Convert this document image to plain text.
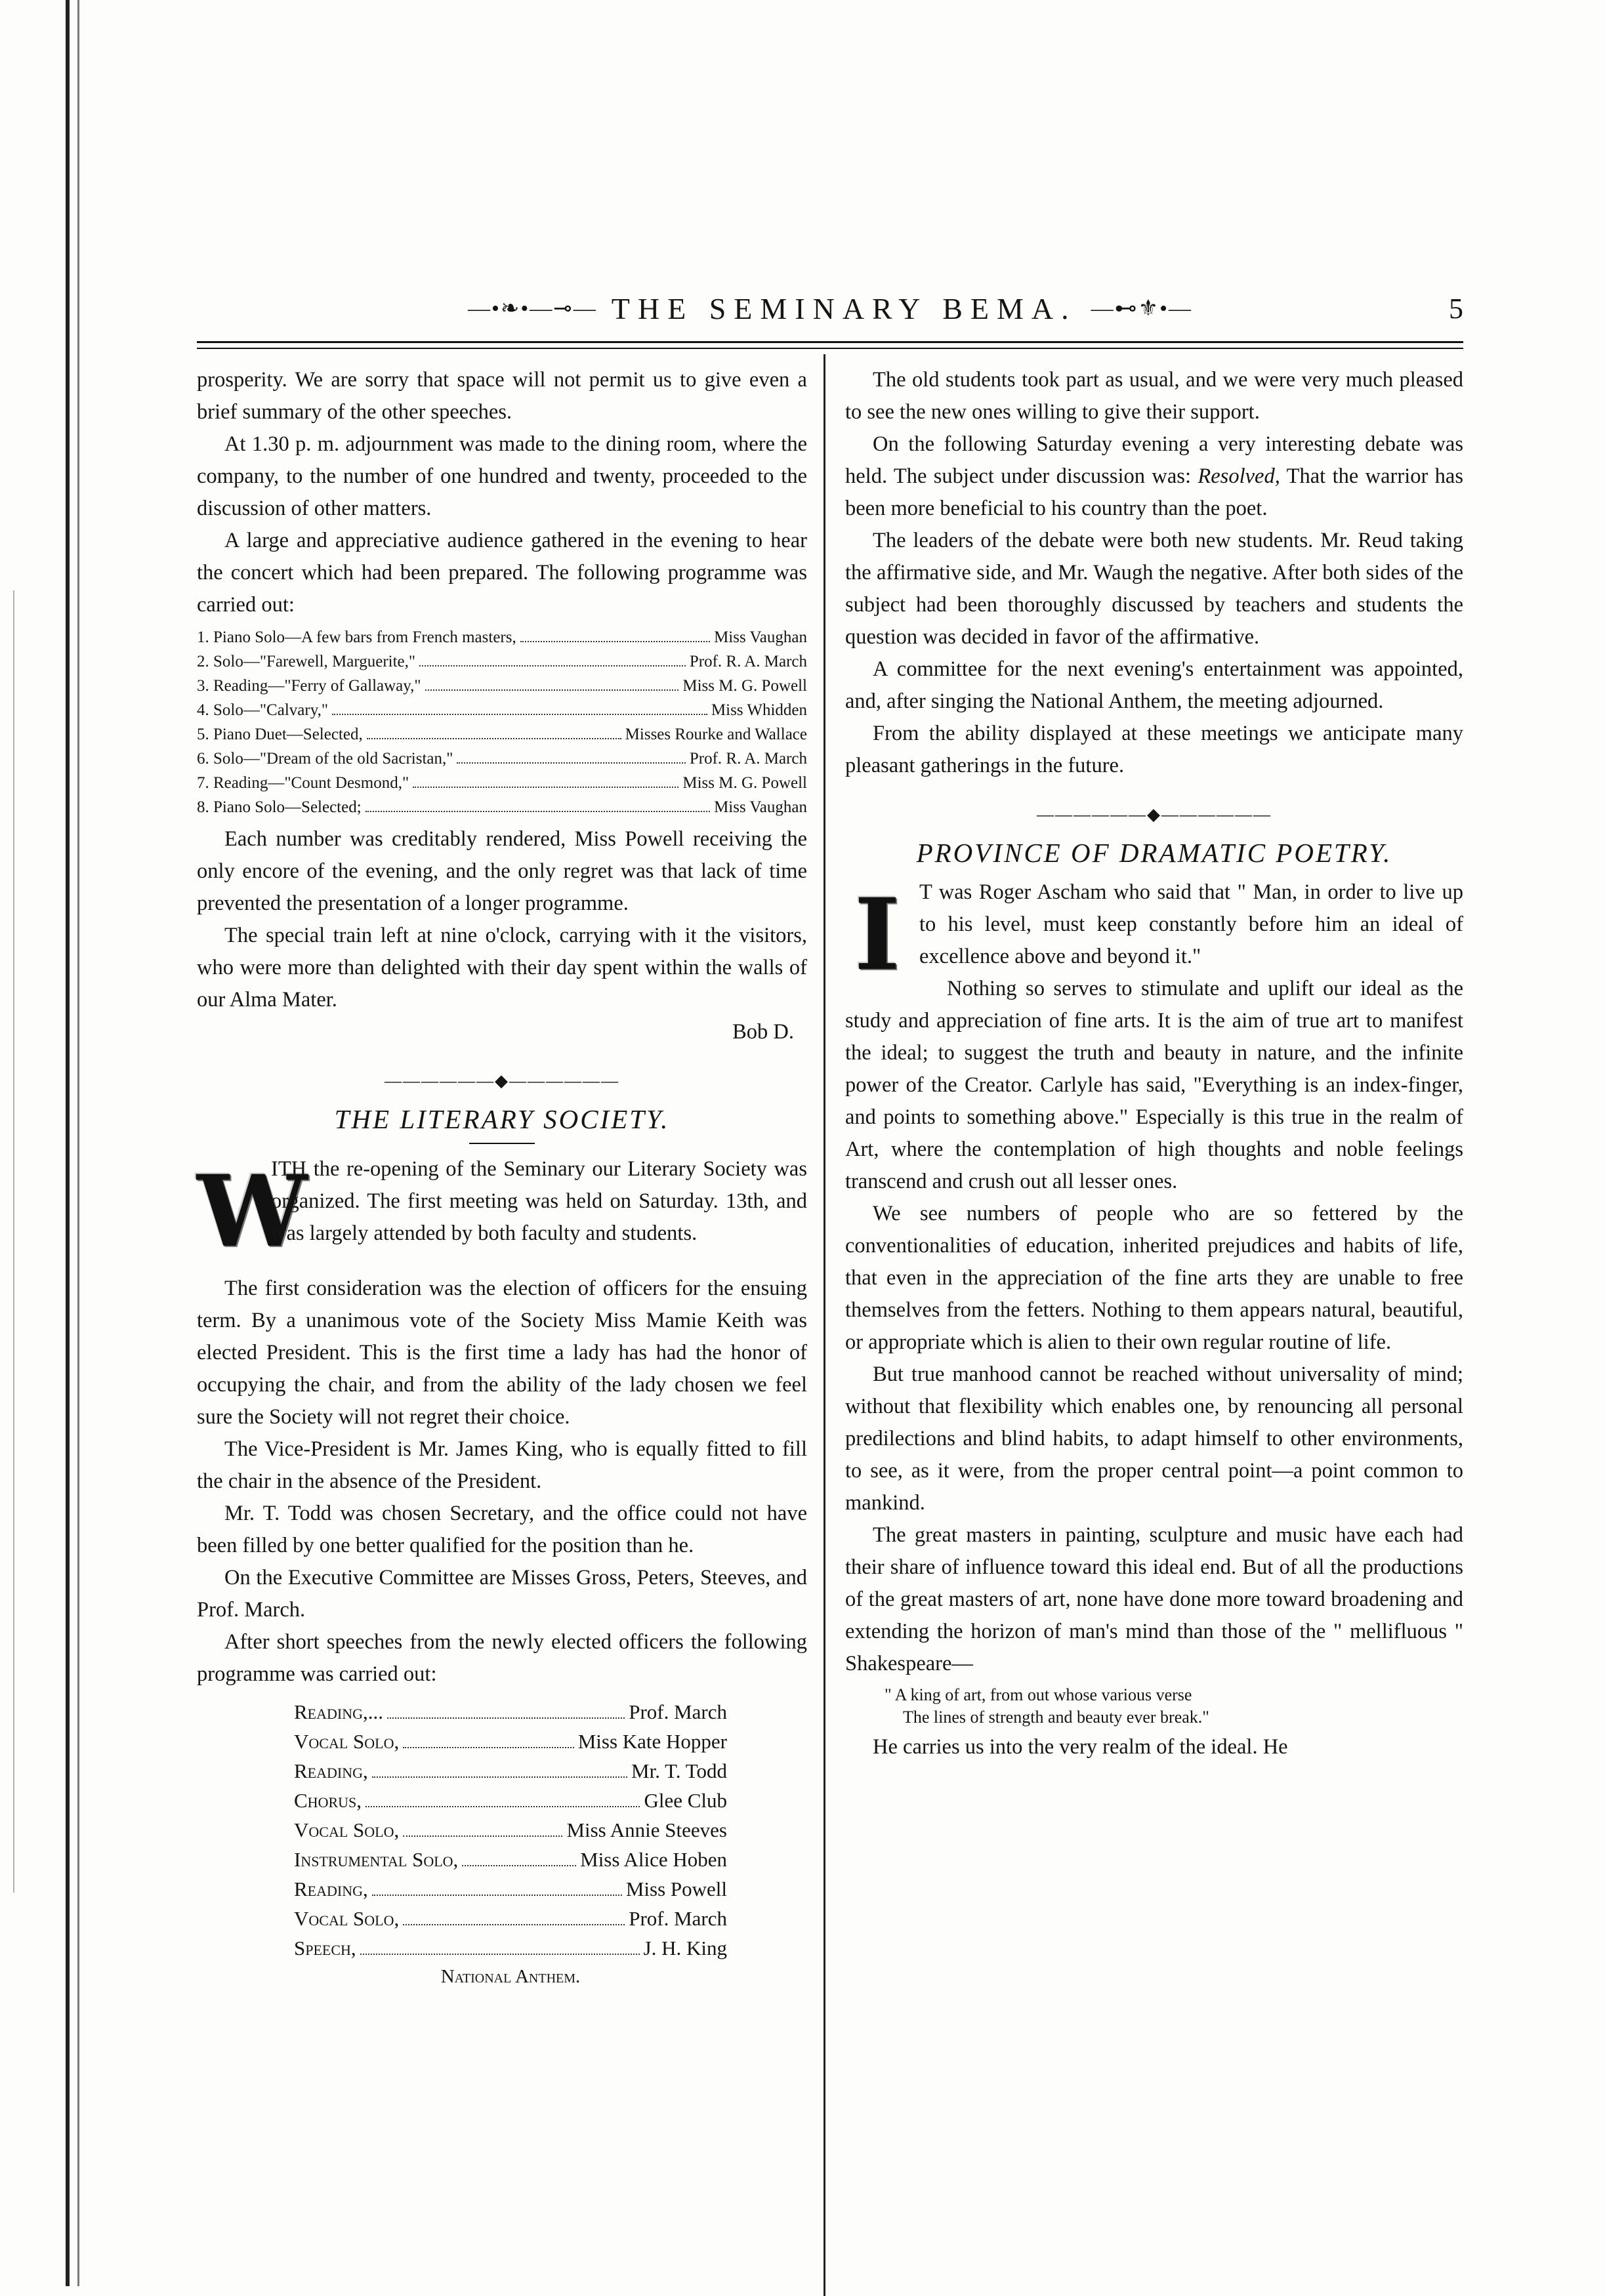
—•❧•—⊸— THE SEMINARY BEMA. —⊷⚜•—	5

prosperity. We are sorry that space will not permit us to give even a brief summary of the other speeches.

At 1.30 p. m. adjournment was made to the dining room, where the company, to the number of one hundred and twenty, proceeded to the discussion of other matters.

A large and appreciative audience gathered in the evening to hear the concert which had been prepared. The following programme was carried out:

1. Piano Solo—A few bars from French masters,	Miss Vaughan
2. Solo—"Farewell, Marguerite,"	Prof. R. A. March
3. Reading—"Ferry of Gallaway,"	Miss M. G. Powell
4. Solo—"Calvary,"	Miss Whidden
5. Piano Duet—Selected,	Misses Rourke and Wallace
6. Solo—"Dream of the old Sacristan,"	Prof. R. A. March
7. Reading—"Count Desmond,"	Miss M. G. Powell
8. Piano Solo—Selected;	Miss Vaughan

Each number was creditably rendered, Miss Powell receiving the only encore of the evening, and the only regret was that lack of time prevented the presentation of a longer programme.

The special train left at nine o'clock, carrying with it the visitors, who were more than delighted with their day spent within the walls of our Alma Mater.

Bob D.
——————◆——————
THE LITERARY SOCIETY.
W

ITH the re-opening of the Seminary our Literary Society was organized. The first meeting was held on Saturday. 13th, and was largely attended by both faculty and students.

The first consideration was the election of officers for the ensuing term. By a unanimous vote of the Society Miss Mamie Keith was elected President. This is the first time a lady has had the honor of occupying the chair, and from the ability of the lady chosen we feel sure the Society will not regret their choice.

The Vice-President is Mr. James King, who is equally fitted to fill the chair in the absence of the President.

Mr. T. Todd was chosen Secretary, and the office could not have been filled by one better qualified for the position than he.

On the Executive Committee are Misses Gross, Peters, Steeves, and Prof. March.

After short speeches from the newly elected officers the following programme was carried out:

Reading,...	Prof. March
Vocal Solo,	Miss Kate Hopper
Reading,	Mr. T. Todd
Chorus,	Glee Club
Vocal Solo,	Miss Annie Steeves
Instrumental Solo,	Miss Alice Hoben
Reading,	Miss Powell
Vocal Solo,	Prof. March
Speech,	J. H. King
National Anthem.

The old students took part as usual, and we were very much pleased to see the new ones willing to give their support.

On the following Saturday evening a very interesting debate was held. The subject under discussion was: Resolved, That the warrior has been more beneficial to his country than the poet.

The leaders of the debate were both new students. Mr. Reud taking the affirmative side, and Mr. Waugh the negative. After both sides of the subject had been thoroughly discussed by teachers and students the question was decided in favor of the affirmative.

A committee for the next evening's entertainment was appointed, and, after singing the National Anthem, the meeting adjourned.

From the ability displayed at these meetings we anticipate many pleasant gatherings in the future.

——————◆——————
PROVINCE OF DRAMATIC POETRY.
I T was Roger Ascham who said that " Man, in order to live up to his level, must keep constantly before him an ideal of excellence above and beyond it."

Nothing so serves to stimulate and uplift our ideal as the study and appreciation of fine arts. It is the aim of true art to manifest the ideal; to suggest the truth and beauty in nature, and the infinite power of the Creator. Carlyle has said, "Everything is an index-finger, and points to something above." Especially is this true in the realm of Art, where the contemplation of high thoughts and noble feelings transcend and crush out all lesser ones.

We see numbers of people who are so fettered by the conventionalities of education, inherited prejudices and habits of life, that even in the appreciation of the fine arts they are unable to free themselves from the fetters. Nothing to them appears natural, beautiful, or appropriate which is alien to their own regular routine of life.

But true manhood cannot be reached without universality of mind; without that flexibility which enables one, by renouncing all personal predilections and blind habits, to adapt himself to other environments, to see, as it were, from the proper central point—a point common to mankind.

The great masters in painting, sculpture and music have each had their share of influence toward this ideal end. But of all the productions of the great masters of art, none have done more toward broadening and extending the horizon of man's mind than those of the " mellifluous " Shakespeare—

" A king of art, from out whose various verse
The lines of strength and beauty ever break."

He carries us into the very realm of the ideal. He
